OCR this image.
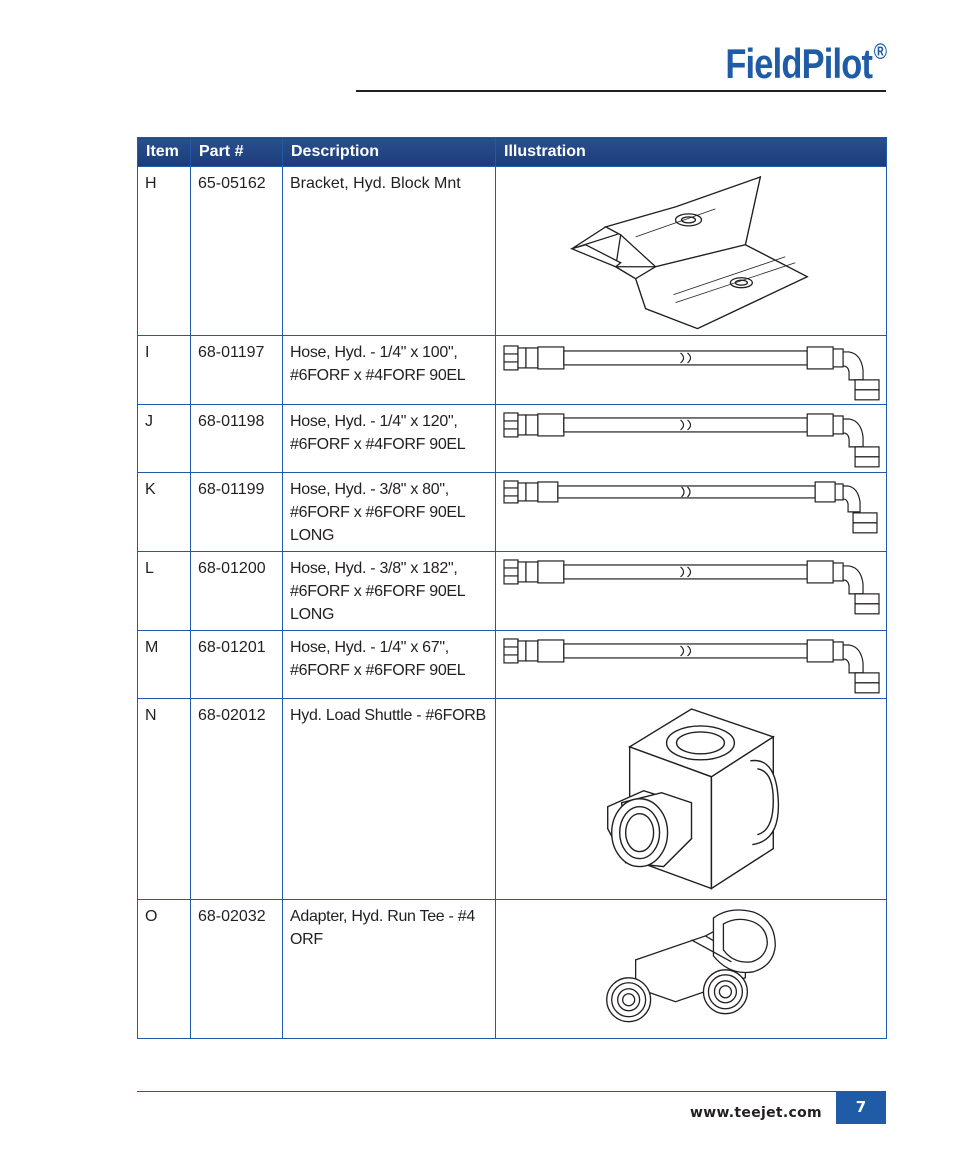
FieldPilot®
Item	Part #	Description	Illustration
H	65-05162	Bracket, Hyd. Block Mnt	

I	68-01197	Hose, Hyd. - 1/4" x 100", #6FORF x #4FORF 90EL	

J	68-01198	Hose, Hyd. - 1/4" x 120", #6FORF x #4FORF 90EL	

K	68-01199	Hose, Hyd. - 3/8" x 80", #6FORF x #6FORF 90EL LONG	

L	68-01200	Hose, Hyd. - 3/8" x 182", #6FORF x #6FORF 90EL LONG	

M	68-01201	Hose, Hyd. - 1/4" x 67", #6FORF x #6FORF 90EL	

N	68-02012	Hyd. Load Shuttle - #6FORB	

O	68-02032	Adapter, Hyd. Run Tee - #4 ORF	
www.teejet.com	7
